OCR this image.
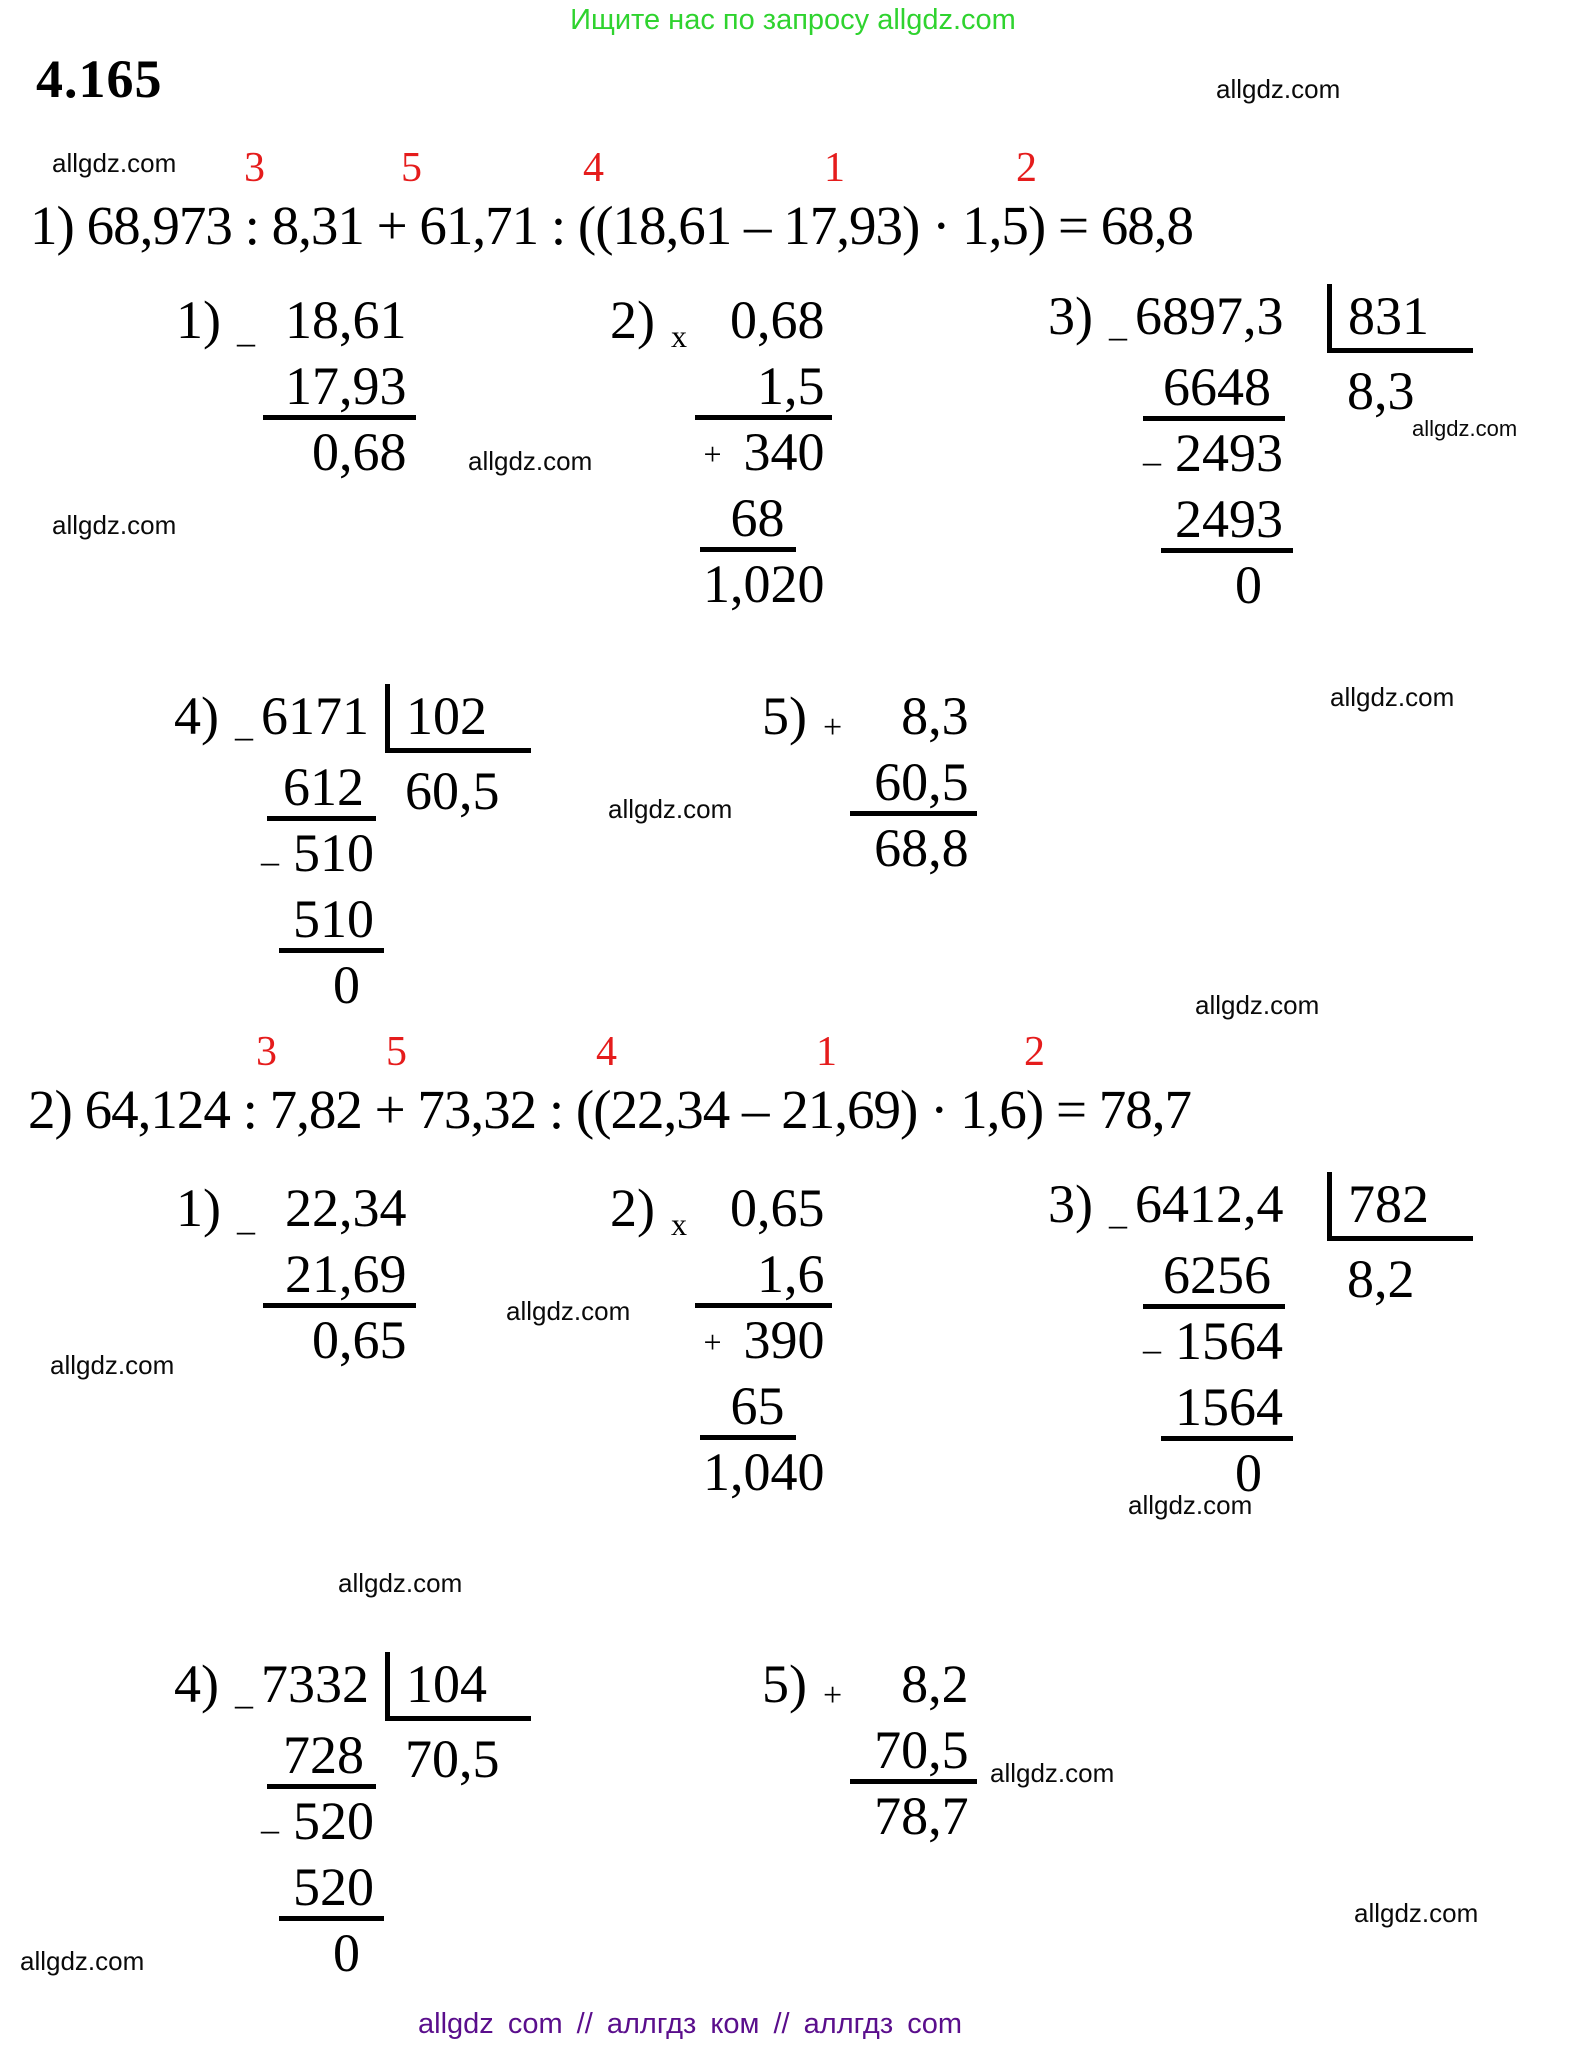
Ищите нас по запросу allgdz.com
4.165	allgdz.com
allgdz.com
allgdz.com
allgdz.com
allgdz.com
allgdz.com
allgdz.com
allgdz.com
allgdz.com
allgdz.com
allgdz.com
allgdz.com
allgdz.com
allgdz.com
allgdz.com
3	5	4	1	2
1) 68,973 : 8,31 + 61,71 : ((18,61 – 17,93) · 1,5) = 68,8
1) – 18,61
17,93
0,68
2) x 0,68
1,5
+ 340
68
1,020
3) – 6897,3	831
6648
– 2493
2493
0
8,3
4) – 6171 102
612
– 510
510
0
60,5
5) + 8,3
60,5
68,8
3	5	4	1	2
2) 64,124 : 7,82 + 73,32 : ((22,34 – 21,69) · 1,6) = 78,7
1) – 22,34
21,69
0,65
2) x 0,65
1,6
+ 390
65
1,040
3) – 6412,4	782
6256
– 1564
1564
0
8,2
4) – 7332 104
728
– 520
520
0
70,5
5) + 8,2
70,5
78,7
allgdz com // аллгдз ком // аллгдз com
